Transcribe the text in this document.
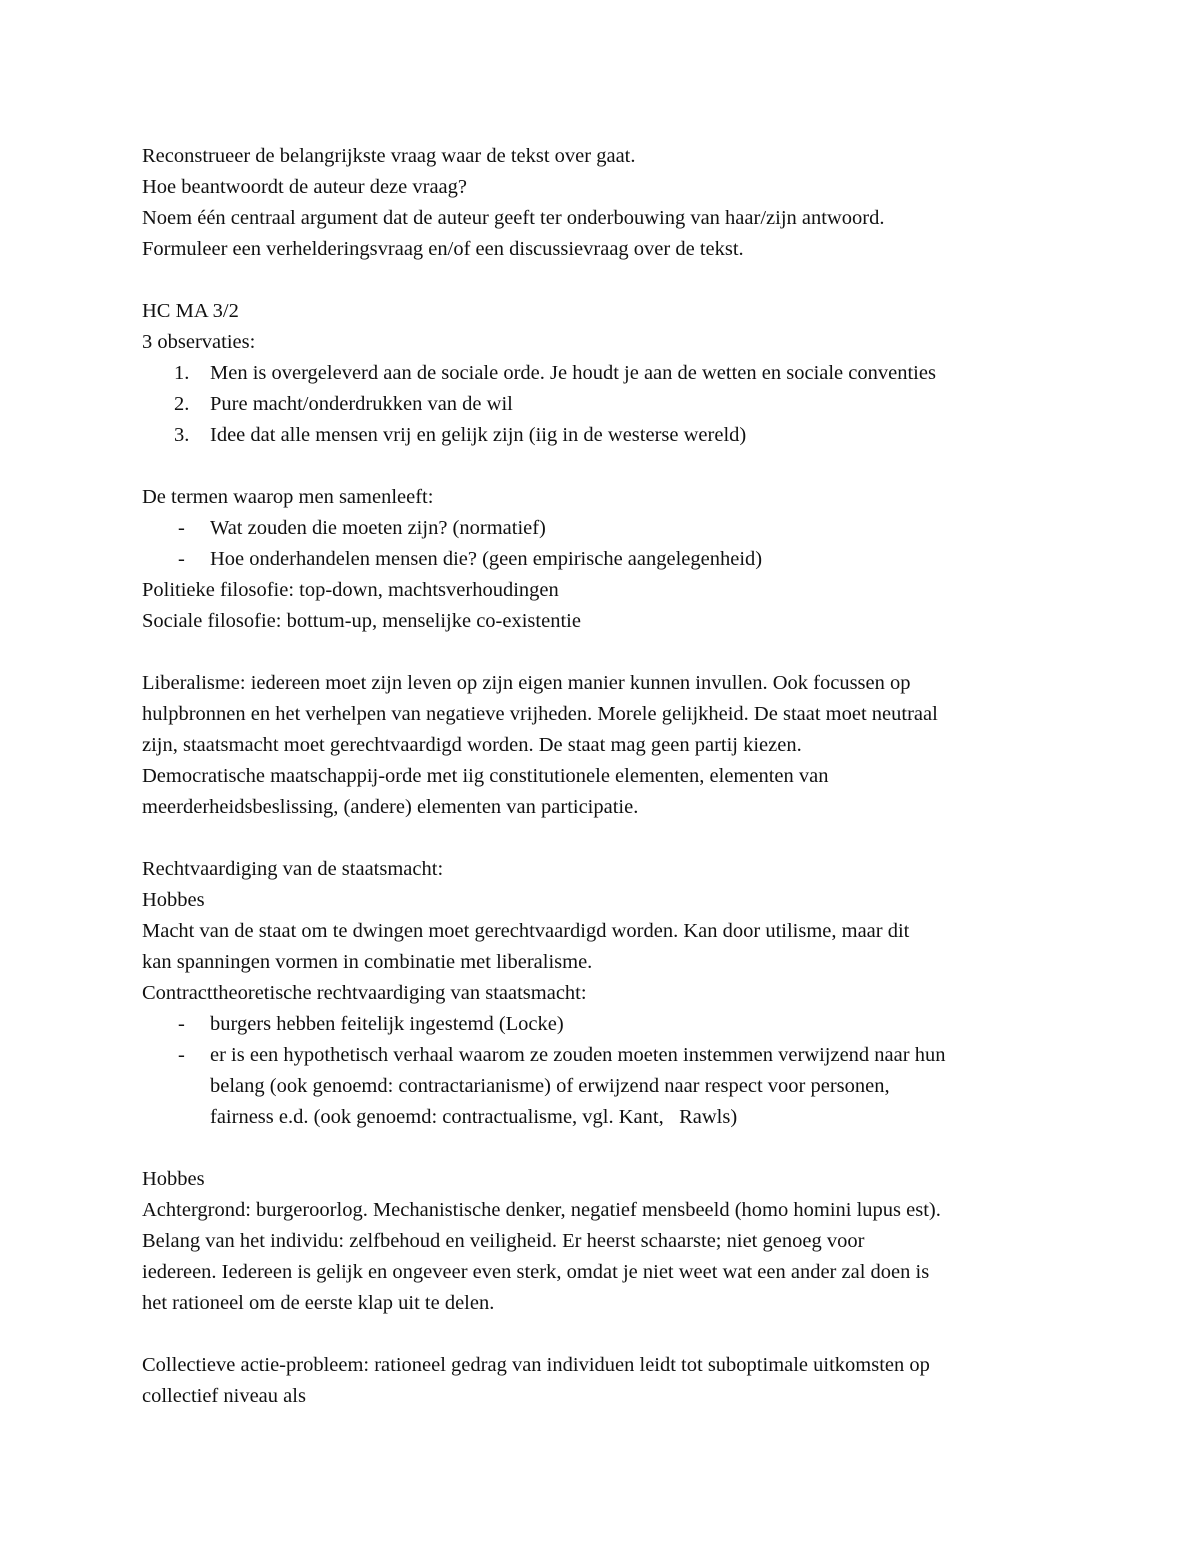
Reconstrueer de belangrijkste vraag waar de tekst over gaat.

Hoe beantwoordt de auteur deze vraag?

Noem één centraal argument dat de auteur geeft ter onderbouwing van haar/zijn antwoord.

Formuleer een verhelderingsvraag en/of een discussievraag over de tekst.

HC MA 3/2

3 observaties:

1. Men is overgeleverd aan de sociale orde. Je houdt je aan de wetten en sociale conventies
2. Pure macht/onderdrukken van de wil
3. Idee dat alle mensen vrij en gelijk zijn (iig in de westerse wereld)

De termen waarop men samenleeft:

- Wat zouden die moeten zijn? (normatief)
- Hoe onderhandelen mensen die? (geen empirische aangelegenheid)

Politieke filosofie: top-down, machtsverhoudingen

Sociale filosofie: bottum-up, menselijke co-existentie

Liberalisme: iedereen moet zijn leven op zijn eigen manier kunnen invullen. Ook focussen op

hulpbronnen en het verhelpen van negatieve vrijheden. Morele gelijkheid. De staat moet neutraal

zijn, staatsmacht moet gerechtvaardigd worden. De staat mag geen partij kiezen.

Democratische maatschappij-orde met iig constitutionele elementen, elementen van

meerderheidsbeslissing, (andere) elementen van participatie.

Rechtvaardiging van de staatsmacht:

Hobbes

Macht van de staat om te dwingen moet gerechtvaardigd worden. Kan door utilisme, maar dit

kan spanningen vormen in combinatie met liberalisme.

Contracttheoretische rechtvaardiging van staatsmacht:

- burgers hebben feitelijk ingestemd (Locke)
- er is een hypothetisch verhaal waarom ze zouden moeten instemmen verwijzend naar hun
belang (ook genoemd: contractarianisme) of erwijzend naar respect voor personen,
fairness e.d. (ook genoemd: contractualisme, vgl. Kant,   Rawls)

Hobbes

Achtergrond: burgeroorlog. Mechanistische denker, negatief mensbeeld (homo homini lupus est).

Belang van het individu: zelfbehoud en veiligheid. Er heerst schaarste; niet genoeg voor

iedereen. Iedereen is gelijk en ongeveer even sterk, omdat je niet weet wat een ander zal doen is

het rationeel om de eerste klap uit te delen.

Collectieve actie-probleem: rationeel gedrag van individuen leidt tot suboptimale uitkomsten op

collectief niveau als
